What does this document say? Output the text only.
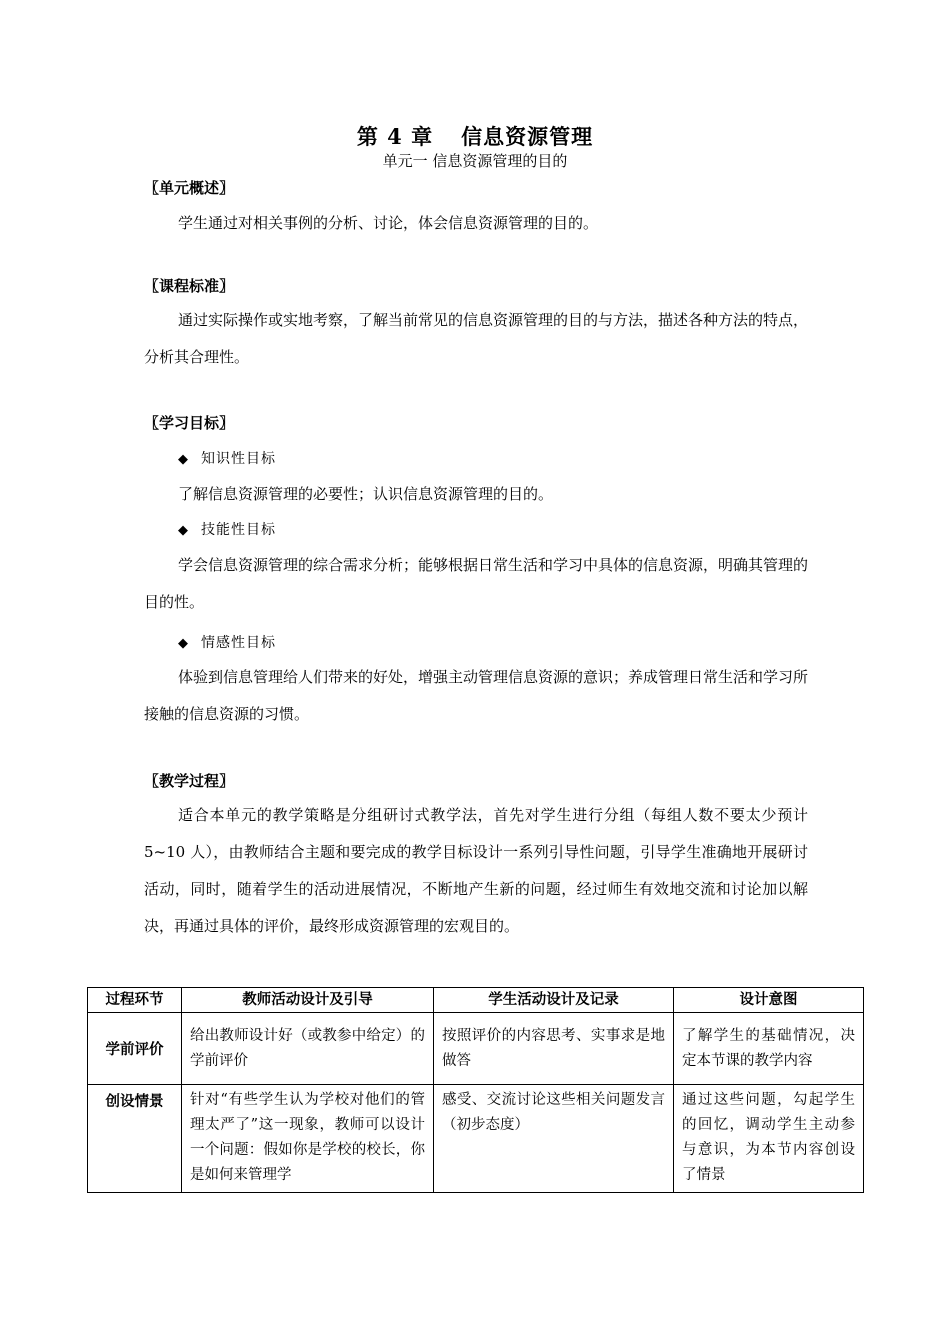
第 4 章 信息资源管理
单元一 信息资源管理的目的
〖单元概述〗
学生通过对相关事例的分析、讨论，体会信息资源管理的目的。
〖课程标准〗
通过实际操作或实地考察，了解当前常见的信息资源管理的目的与方法，描述各种方法的特点，分析其合理性。
〖学习目标〗
◆ 知识性目标
了解信息资源管理的必要性；认识信息资源管理的目的。
◆ 技能性目标
学会信息资源管理的综合需求分析；能够根据日常生活和学习中具体的信息资源，明确其管理的目的性。
◆ 情感性目标
体验到信息管理给人们带来的好处，增强主动管理信息资源的意识；养成管理日常生活和学习所接触的信息资源的习惯。
〖教学过程〗
适合本单元的教学策略是分组研讨式教学法，首先对学生进行分组（每组人数不要太少预计 5~10 人），由教师结合主题和要完成的教学目标设计一系列引导性问题，引导学生准确地开展研讨活动，同时，随着学生的活动进展情况，不断地产生新的问题，经过师生有效地交流和讨论加以解决，再通过具体的评价，最终形成资源管理的宏观目的。
过程环节	教师活动设计及引导	学生活动设计及记录	设计意图
学前评价	给出教师设计好（或教参中给定）的学前评价	按照评价的内容思考、实事求是地做答	了解学生的基础情况，决定本节课的教学内容
创设情景	针对“有些学生认为学校对他们的管理太严了”这一现象，教师可以设计一个问题：假如你是学校的校长，你是如何来管理学	感受、交流讨论这些相关问题发言（初步态度）	通过这些问题，勾起学生的回忆，调动学生主动参与意识，为本节内容创设了情景
